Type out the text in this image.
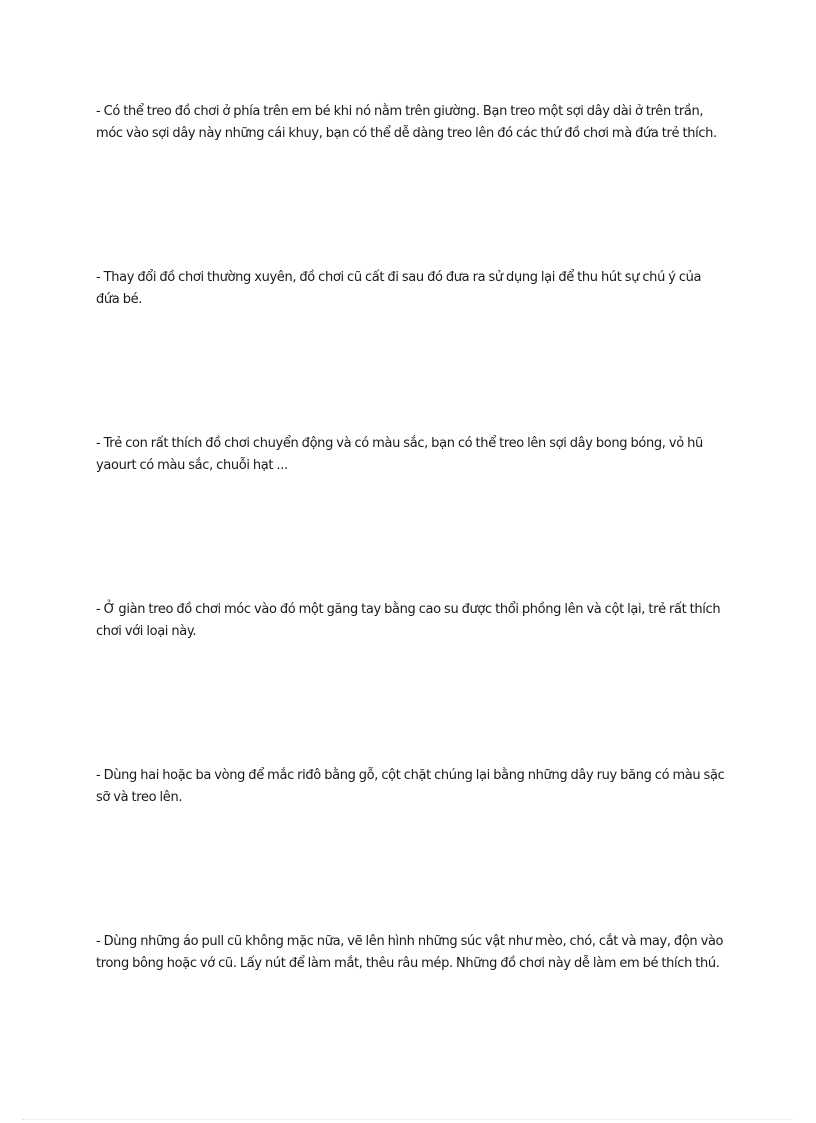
- Có thể treo đồ chơi ở phía trên em bé khi nó nằm trên giường. Bạn treo một sợi dây dài ở trên trần, móc vào sợi dây này những cái khuy, bạn có thể dễ dàng treo lên đó các thứ đồ chơi mà đứa trẻ thích.

- Thay đổi đồ chơi thường xuyên, đồ chơi cũ cất đi sau đó đưa ra sử dụng lại để thu hút sự chú ý của đứa bé.

- Trẻ con rất thích đồ chơi chuyển động và có màu sắc, bạn có thể treo lên sợi dây bong bóng, vỏ hũ yaourt có màu sắc, chuỗi hạt ...

- Ở giàn treo đồ chơi móc vào đó một găng tay bằng cao su được thổi phồng lên và cột lại, trẻ rất thích chơi với loại này.

- Dùng hai hoặc ba vòng để mắc riđô bằng gỗ, cột chặt chúng lại bằng những dây ruy băng có màu sặc sỡ và treo lên.

- Dùng những áo pull cũ không mặc nữa, vẽ lên hình những súc vật như mèo, chó, cắt và may, độn vào trong bông hoặc vớ cũ. Lấy nút để làm mắt, thêu râu mép. Những đồ chơi này dễ làm em bé thích thú.
